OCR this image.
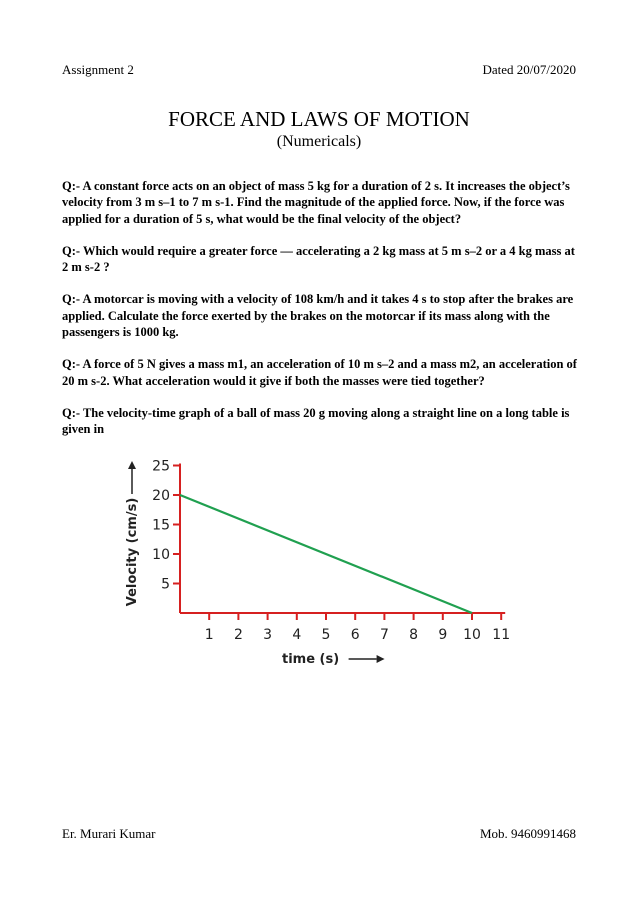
Assignment 2	Dated 20/07/2020
FORCE AND LAWS OF MOTION
(Numericals)

Q:- A constant force acts on an object of mass 5 kg for a duration of 2 s. It increases the object’s velocity from 3 m s–1 to 7 m s-1. Find the magnitude of the applied force. Now, if the force was applied for a duration of 5 s, what would be the final velocity of the object?

Q:- Which would require a greater force — accelerating a 2 kg mass at 5 m s–2 or a 4 kg mass at 2 m s-2 ?

Q:- A motorcar is moving with a velocity of 108 km/h and it takes 4 s to stop after the brakes are applied. Calculate the force exerted by the brakes on the motorcar if its mass along with the passengers is 1000 kg.

Q:- A force of 5 N gives a mass m1, an acceleration of 10 m s–2 and a mass m2, an acceleration of 20 m s-2. What acceleration would it give if both the masses were tied together?

Q:- The velocity-time graph of a ball of mass 20 g moving along a straight line on a long table is given in

1 2 3 4 5 6 7 8 9 10 11
5
10
15
20
25
time (s)
Velocity (cm/s)
Er. Murari Kumar	Mob. 9460991468
